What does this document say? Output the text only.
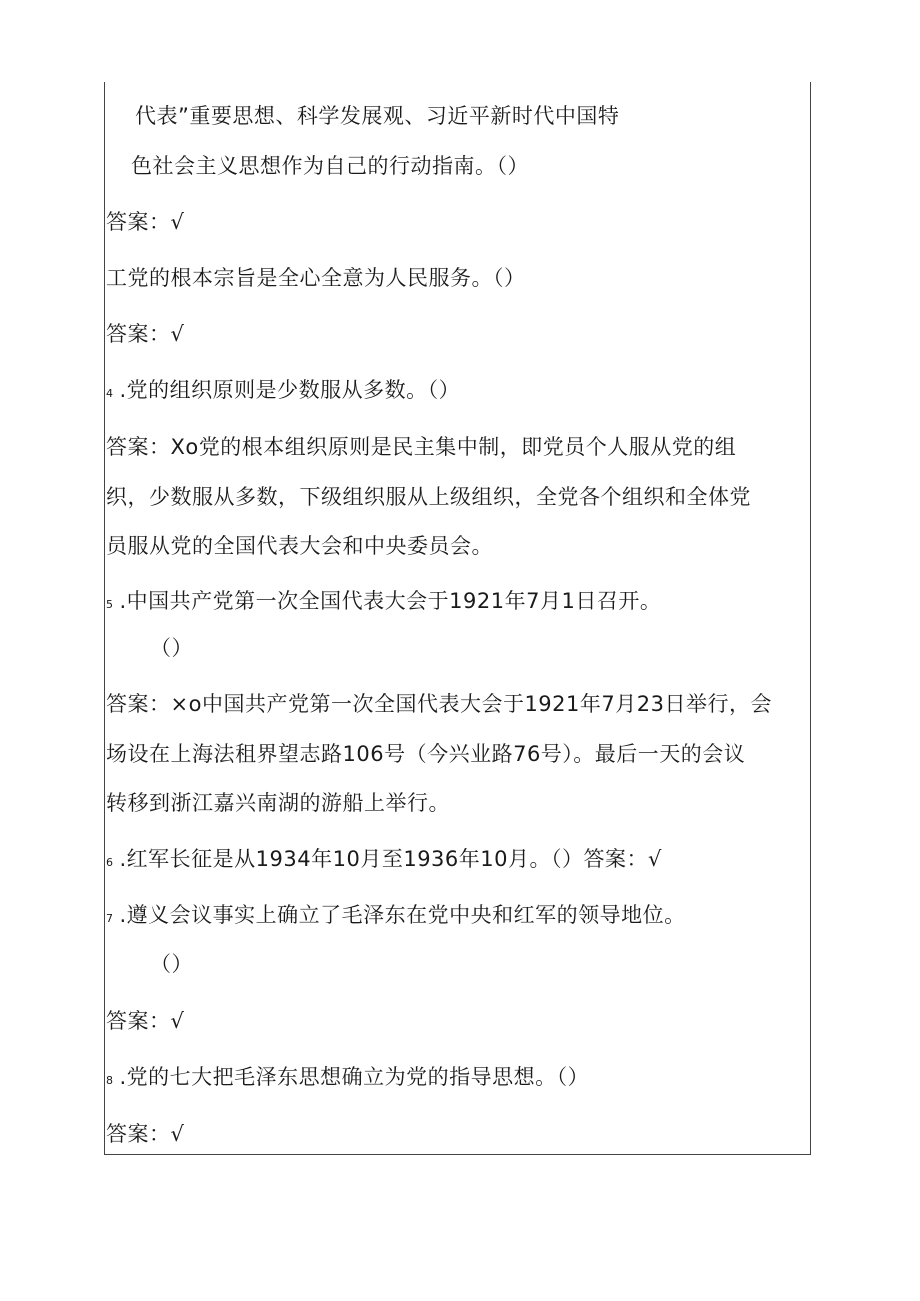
代表”重要思想、科学发展观、习近平新时代中国特
色社会主义思想作为自己的行动指南。（）
答案：√
工党的根本宗旨是全心全意为人民服务。（）
答案：√
4 .党的组织原则是少数服从多数。（）
答案：Xo党的根本组织原则是民主集中制，即党员个人服从党的组
织，少数服从多数，下级组织服从上级组织，全党各个组织和全体党
员服从党的全国代表大会和中央委员会。
5 .中国共产党第一次全国代表大会于1921年7月1日召开。
（）
答案：×o中国共产党第一次全国代表大会于1921年7月23日举行，会
场设在上海法租界望志路106号（今兴业路76号）。最后一天的会议
转移到浙江嘉兴南湖的游船上举行。
6 .红军长征是从1934年10月至1936年10月。（）答案：√
7 .遵义会议事实上确立了毛泽东在党中央和红军的领导地位。
（）
答案：√
8 .党的七大把毛泽东思想确立为党的指导思想。（）
答案：√
